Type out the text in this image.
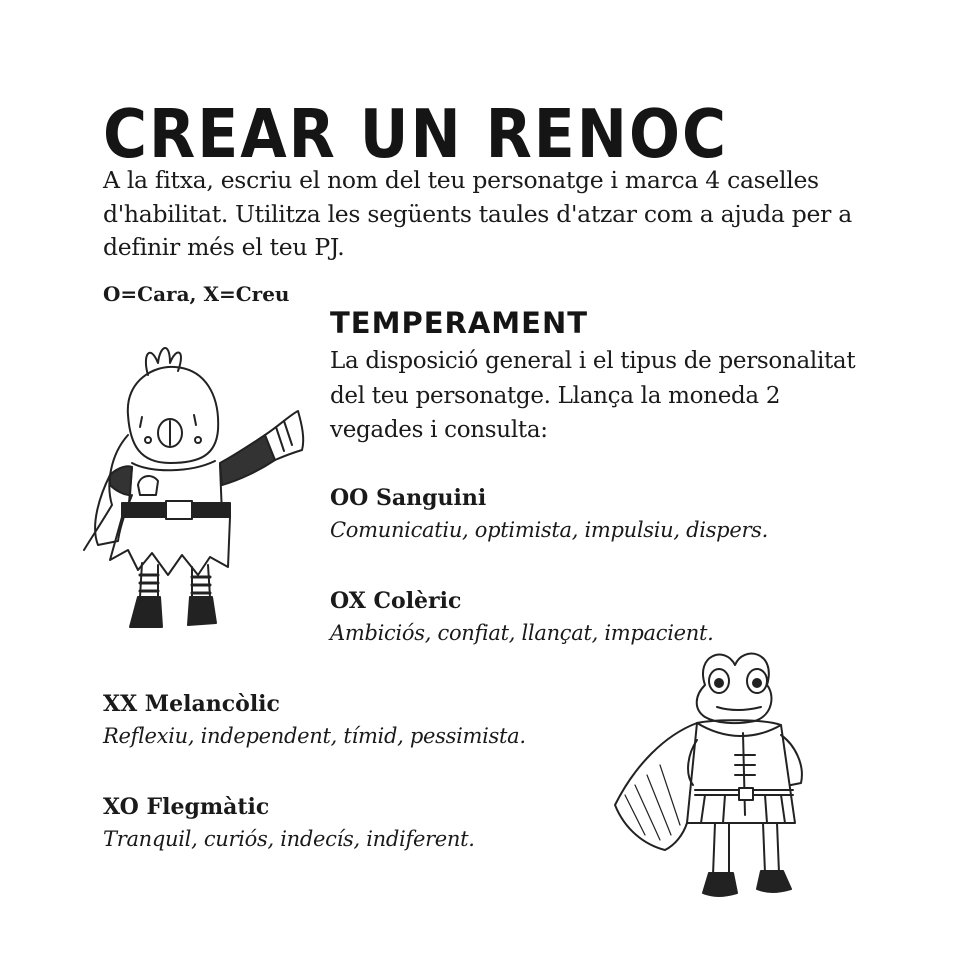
CREAR UN RENOC

A la fitxa, escriu el nom del teu personatge i marca 4 caselles d'habilitat. Utilitza les següents taules d'atzar com a ajuda per a definir més el teu PJ.

O=Cara, X=Creu

TEMPERAMENT

La disposició general i el tipus de personalitat del teu personatge. Llança la moneda 2 vegades i consulta:

OO Sanguini
Comunicatiu, optimista, impulsiu, dispers.
OX Colèric
Ambiciós, confiat, llançat, impacient.
XX Melancòlic
Reflexiu, independent, tímid, pessimista.
XO Flegmàtic
Tranquil, curiós, indecís, indiferent.
